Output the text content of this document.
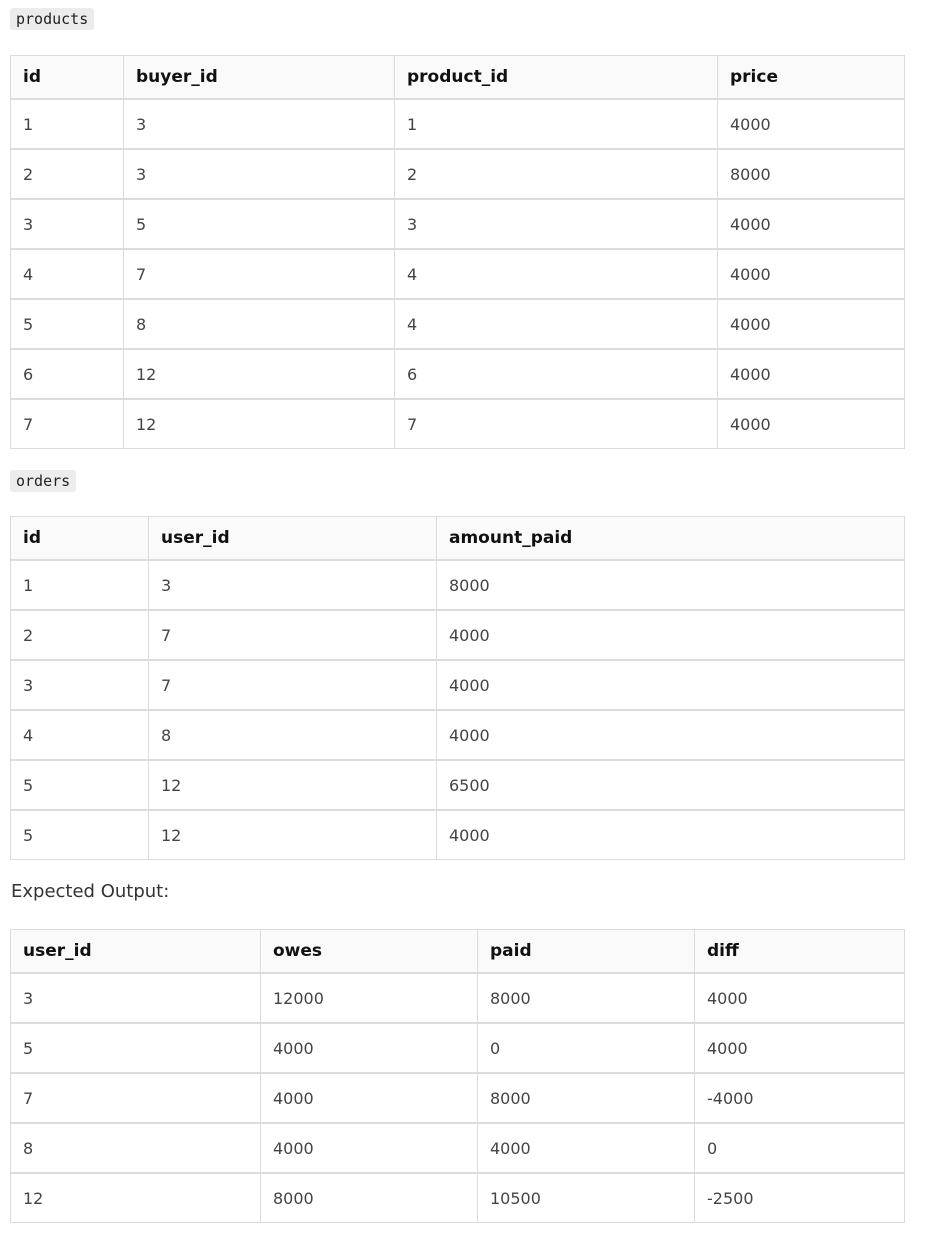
products
id	buyer_id	product_id	price
1	3	1	4000
2	3	2	8000
3	5	3	4000
4	7	4	4000
5	8	4	4000
6	12	6	4000
7	12	7	4000
orders
id	user_id	amount_paid
1	3	8000
2	7	4000
3	7	4000
4	8	4000
5	12	6500
5	12	4000
Expected Output:
user_id	owes	paid	diff
3	12000	8000	4000
5	4000	0	4000
7	4000	8000	-4000
8	4000	4000	0
12	8000	10500	-2500
